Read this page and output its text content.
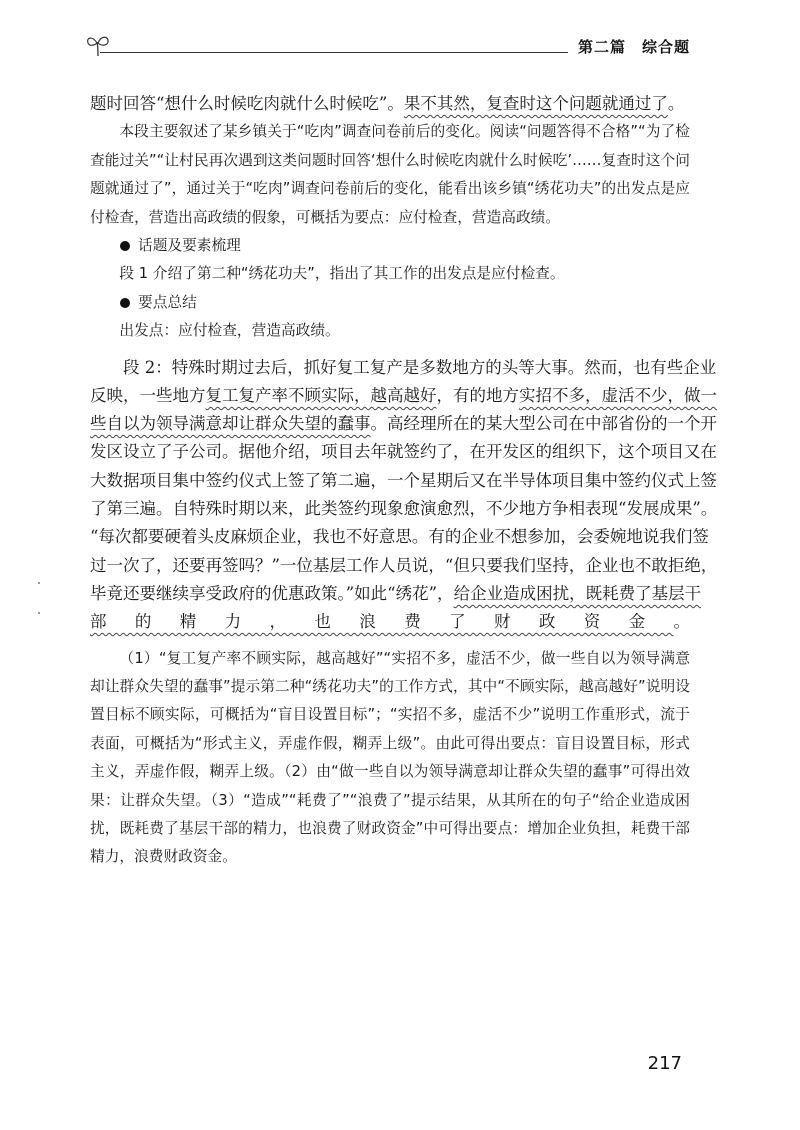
第二篇　综合题
众　考　小　

题时回答“想什么时候吃肉就什么时候吃”。果不其然，复查时这个问题就通过了。

本段主要叙述了某乡镇关于“吃肉”调查问卷前后的变化。阅读“问题答得不合格”“为了检查能过关”“让村民再次遇到这类问题时回答‘想什么时候吃肉就什么时候吃’……复查时这个问题就通过了”，通过关于“吃肉”调查问卷前后的变化，能看出该乡镇“绣花功夫”的出发点是应付检查，营造出高政绩的假象，可概括为要点：应付检查，营造高政绩。

话题及要素梳理

段 1 介绍了第二种“绣花功夫”，指出了其工作的出发点是应付检查。

要点总结

出发点：应付检查，营造高政绩。

段 2：特殊时期过去后，抓好复工复产是多数地方的头等大事。然而，也有些企业
反映，一些地方复工复产率不顾实际，越高越好，有的地方实招不多，虚活不少，做一
些自以为领导满意却让群众失望的蠢事。高经理所在的某大型公司在中部省份的一个开
发区设立了子公司。据他介绍，项目去年就签约了，在开发区的组织下，这个项目又在
大数据项目集中签约仪式上签了第二遍，一个星期后又在半导体项目集中签约仪式上签
了第三遍。自特殊时期以来，此类签约现象愈演愈烈，不少地方争相表现“发展成果”。
“每次都要硬着头皮麻烦企业，我也不好意思。有的企业不想参加，会委婉地说我们签
过一次了，还要再签吗？”一位基层工作人员说，“但只要我们坚持，企业也不敢拒绝，
毕竟还要继续享受政府的优惠政策。”如此“绣花”，给企业造成困扰，既耗费了基层干
部的精力，也浪费了财政资金。

（1）“复工复产率不顾实际，越高越好”“实招不多，虚活不少，做一些自以为领导满意却让群众失望的蠢事”提示第二种“绣花功夫”的工作方式，其中“不顾实际，越高越好”说明设置目标不顾实际，可概括为“盲目设置目标”；“实招不多，虚活不少”说明工作重形式，流于表面，可概括为“形式主义，弄虚作假，糊弄上级”。由此可得出要点：盲目设置目标，形式主义，弄虚作假，糊弄上级。（2）由“做一些自以为领导满意却让群众失望的蠢事”可得出效果：让群众失望。（3）“造成”“耗费了”“浪费了”提示结果，从其所在的句子“给企业造成困扰，既耗费了基层干部的精力，也浪费了财政资金”中可得出要点：增加企业负担，耗费干部精力，浪费财政资金。

217
